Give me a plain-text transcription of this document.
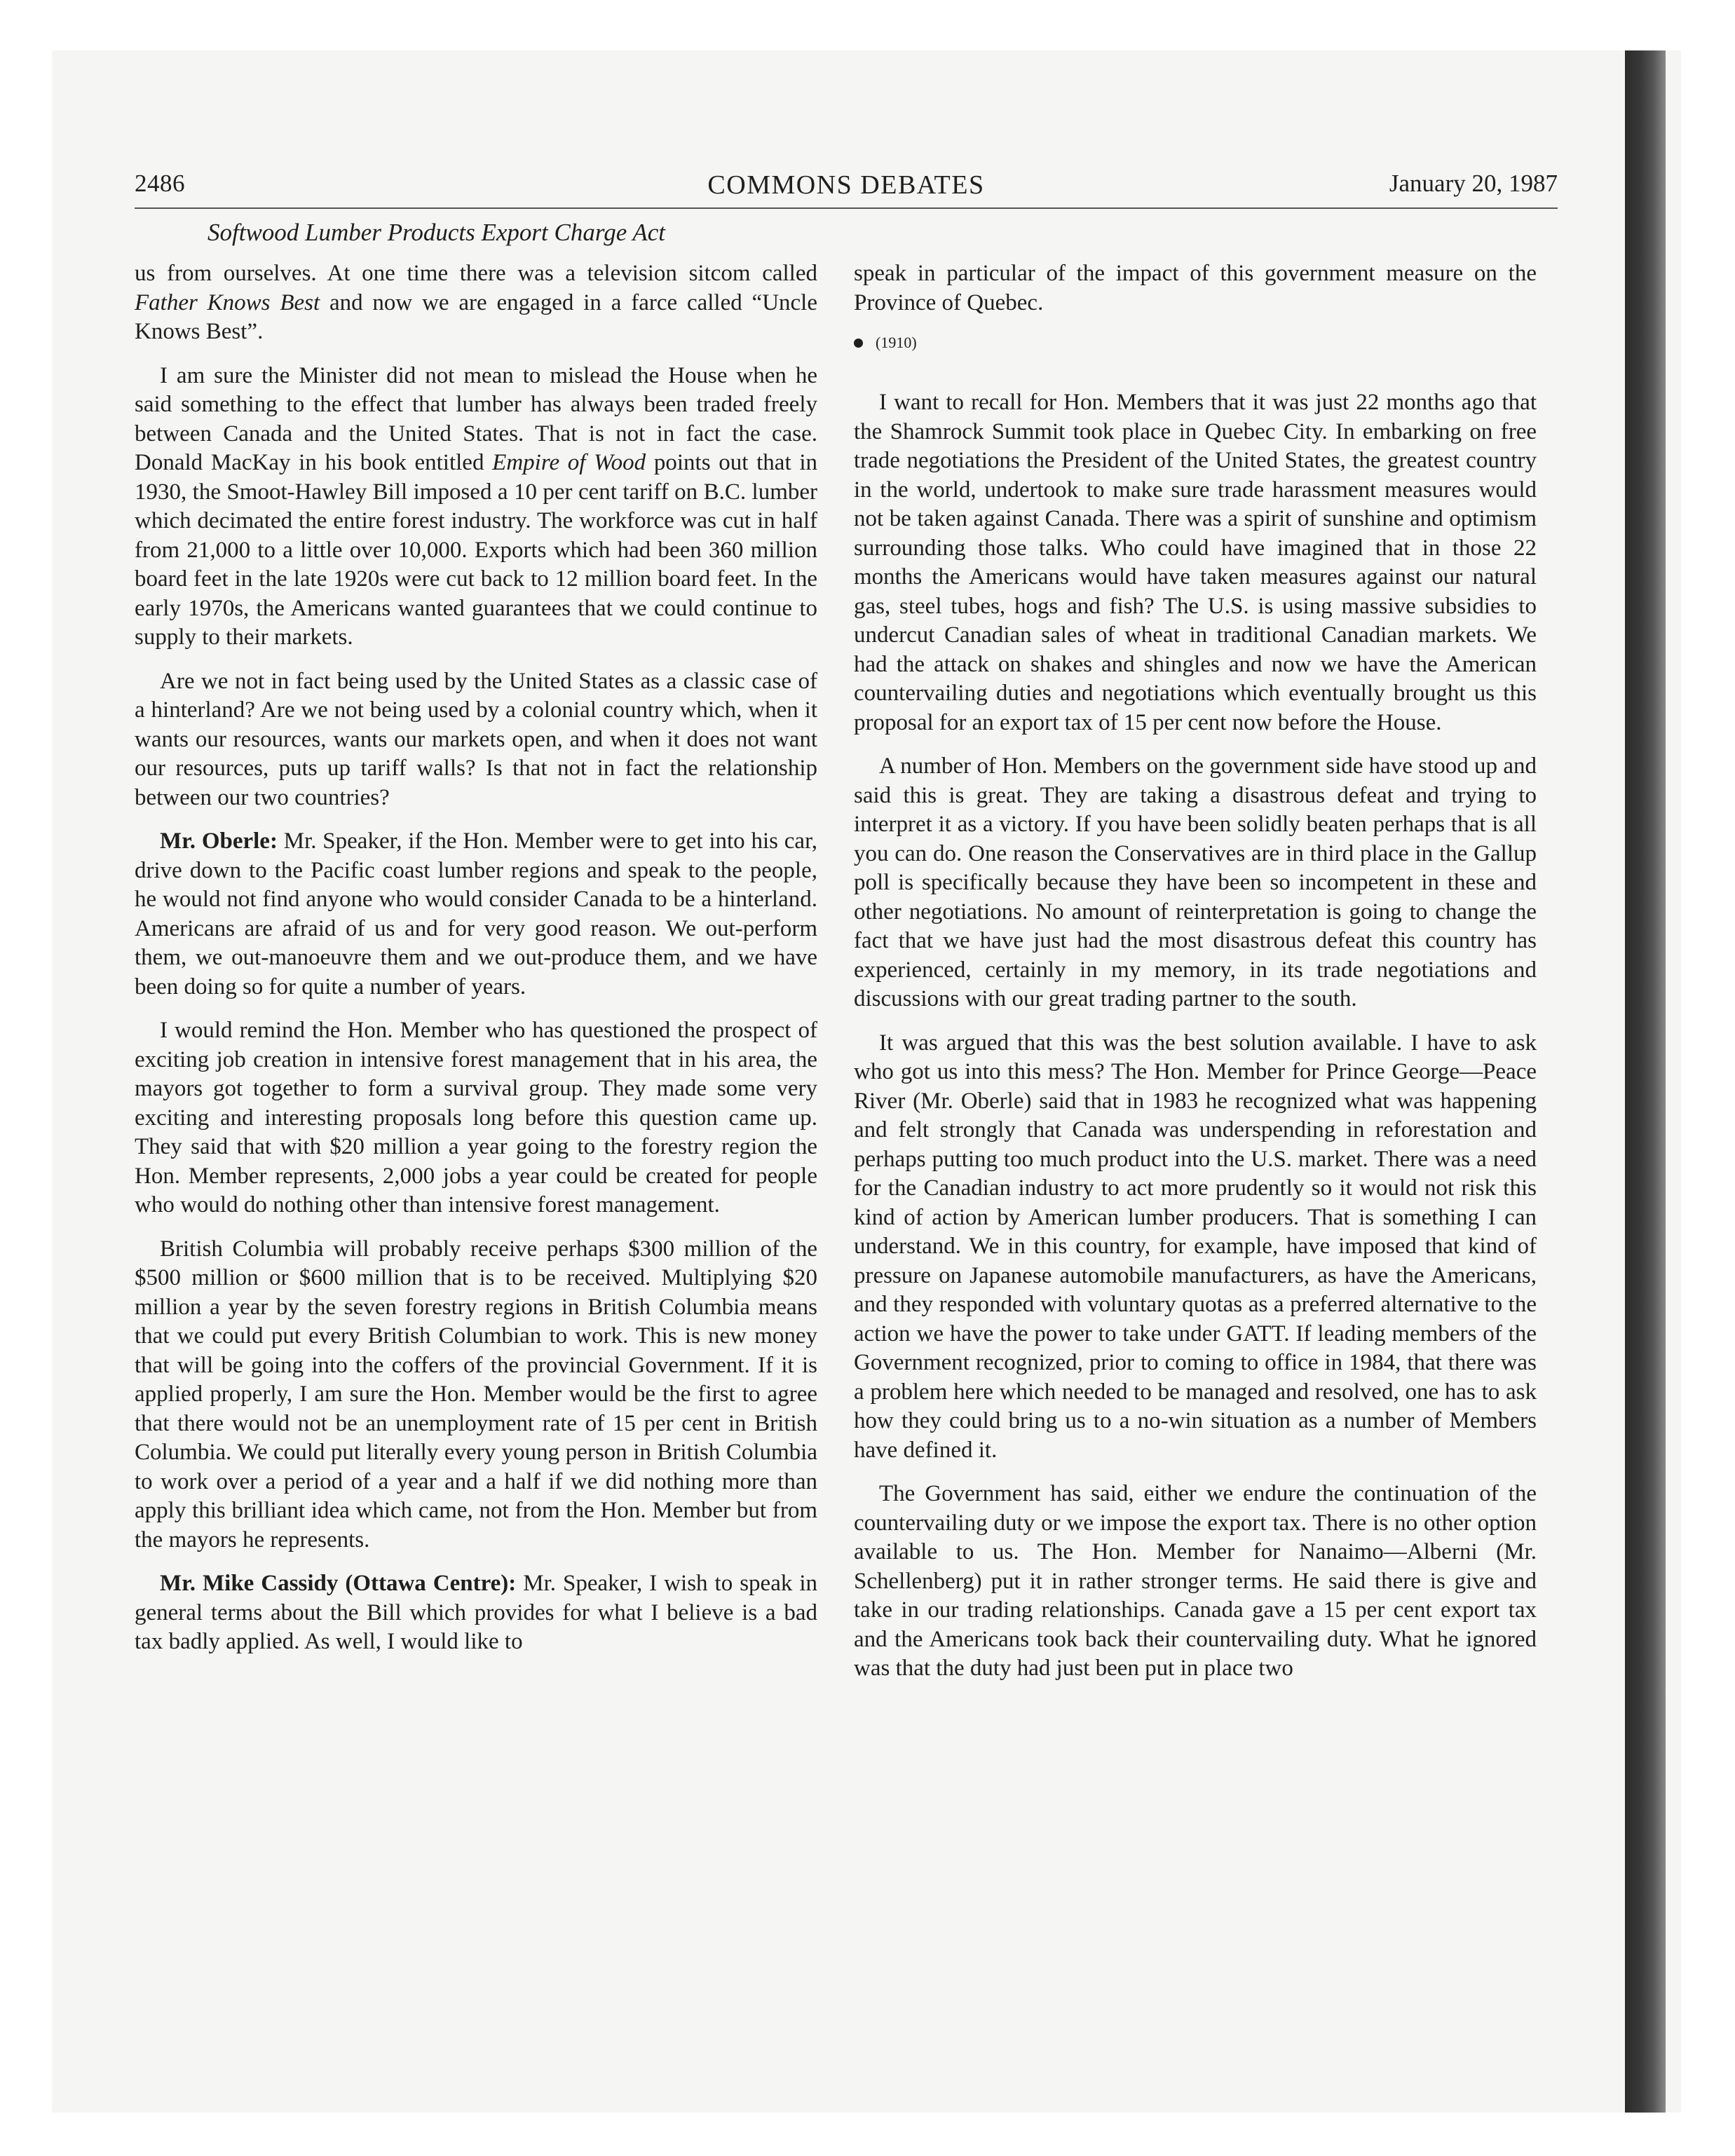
2486	COMMONS DEBATES	January 20, 1987
Softwood Lumber Products Export Charge Act

us from ourselves. At one time there was a television sitcom called Father Knows Best and now we are engaged in a farce called “Uncle Knows Best”.

I am sure the Minister did not mean to mislead the House when he said something to the effect that lumber has always been traded freely between Canada and the United States. That is not in fact the case. Donald MacKay in his book entitled Empire of Wood points out that in 1930, the Smoot-Hawley Bill imposed a 10 per cent tariff on B.C. lumber which decimated the entire forest industry. The workforce was cut in half from 21,000 to a little over 10,000. Exports which had been 360 million board feet in the late 1920s were cut back to 12 million board feet. In the early 1970s, the Americans wanted guarantees that we could continue to supply to their markets.

Are we not in fact being used by the United States as a classic case of a hinterland? Are we not being used by a colonial country which, when it wants our resources, wants our markets open, and when it does not want our resources, puts up tariff walls? Is that not in fact the relationship between our two countries?

Mr. Oberle: Mr. Speaker, if the Hon. Member were to get into his car, drive down to the Pacific coast lumber regions and speak to the people, he would not find anyone who would consider Canada to be a hinterland. Americans are afraid of us and for very good reason. We out-perform them, we out-manoeuvre them and we out-produce them, and we have been doing so for quite a number of years.

I would remind the Hon. Member who has questioned the prospect of exciting job creation in intensive forest management that in his area, the mayors got together to form a survival group. They made some very exciting and interesting proposals long before this question came up. They said that with $20 million a year going to the forestry region the Hon. Member represents, 2,000 jobs a year could be created for people who would do nothing other than intensive forest management.

British Columbia will probably receive perhaps $300 million of the $500 million or $600 million that is to be received. Multiplying $20 million a year by the seven forestry regions in British Columbia means that we could put every British Columbian to work. This is new money that will be going into the coffers of the provincial Government. If it is applied properly, I am sure the Hon. Member would be the first to agree that there would not be an unemployment rate of 15 per cent in British Columbia. We could put literally every young person in British Columbia to work over a period of a year and a half if we did nothing more than apply this brilliant idea which came, not from the Hon. Member but from the mayors he represents.

Mr. Mike Cassidy (Ottawa Centre): Mr. Speaker, I wish to speak in general terms about the Bill which provides for what I believe is a bad tax badly applied. As well, I would like to

speak in particular of the impact of this government measure on the Province of Quebec.

(1910)

I want to recall for Hon. Members that it was just 22 months ago that the Shamrock Summit took place in Quebec City. In embarking on free trade negotiations the President of the United States, the greatest country in the world, undertook to make sure trade harassment measures would not be taken against Canada. There was a spirit of sunshine and optimism surrounding those talks. Who could have imagined that in those 22 months the Americans would have taken measures against our natural gas, steel tubes, hogs and fish? The U.S. is using massive subsidies to undercut Canadian sales of wheat in traditional Canadian markets. We had the attack on shakes and shingles and now we have the American countervailing duties and negotiations which eventually brought us this proposal for an export tax of 15 per cent now before the House.

A number of Hon. Members on the government side have stood up and said this is great. They are taking a disastrous defeat and trying to interpret it as a victory. If you have been solidly beaten perhaps that is all you can do. One reason the Conservatives are in third place in the Gallup poll is specifically because they have been so incompetent in these and other negotiations. No amount of reinterpretation is going to change the fact that we have just had the most disastrous defeat this country has experienced, certainly in my memory, in its trade negotiations and discussions with our great trading partner to the south.

It was argued that this was the best solution available. I have to ask who got us into this mess? The Hon. Member for Prince George—Peace River (Mr. Oberle) said that in 1983 he recognized what was happening and felt strongly that Canada was underspending in reforestation and perhaps putting too much product into the U.S. market. There was a need for the Canadian industry to act more prudently so it would not risk this kind of action by American lumber producers. That is something I can understand. We in this country, for example, have imposed that kind of pressure on Japanese automobile manufacturers, as have the Americans, and they responded with voluntary quotas as a preferred alternative to the action we have the power to take under GATT. If leading members of the Government recognized, prior to coming to office in 1984, that there was a problem here which needed to be managed and resolved, one has to ask how they could bring us to a no-win situation as a number of Members have defined it.

The Government has said, either we endure the continuation of the countervailing duty or we impose the export tax. There is no other option available to us. The Hon. Member for Nanaimo—Alberni (Mr. Schellenberg) put it in rather stronger terms. He said there is give and take in our trading relationships. Canada gave a 15 per cent export tax and the Americans took back their countervailing duty. What he ignored was that the duty had just been put in place two
